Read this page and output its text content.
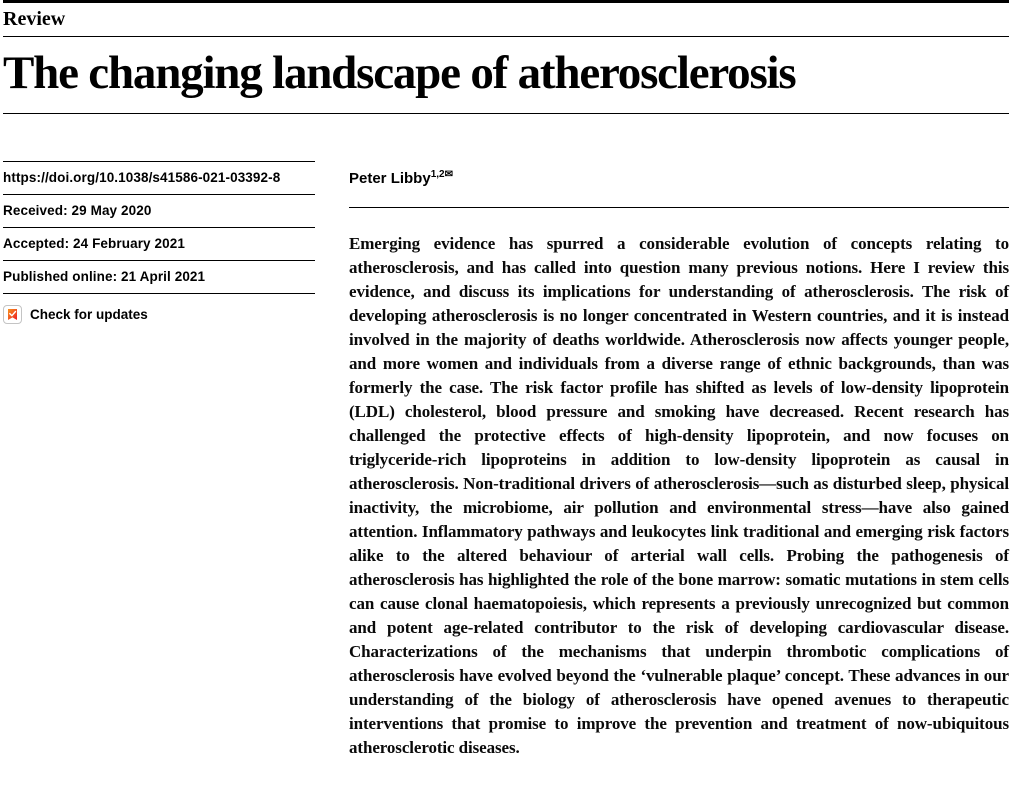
Review
The changing landscape of atherosclerosis
https://doi.org/10.1038/s41586-021-03392-8
Received: 29 May 2020
Accepted: 24 February 2021
Published online: 21 April 2021
Check for updates
Peter Libby$^{1,2✉}$

Emerging evidence has spurred a considerable evolution of concepts relating to atherosclerosis, and has called into question many previous notions. Here I review this evidence, and discuss its implications for understanding of atherosclerosis. The risk of developing atherosclerosis is no longer concentrated in Western countries, and it is instead involved in the majority of deaths worldwide. Atherosclerosis now affects younger people, and more women and individuals from a diverse range of ethnic backgrounds, than was formerly the case. The risk factor profile has shifted as levels of low-density lipoprotein (LDL) cholesterol, blood pressure and smoking have decreased. Recent research has challenged the protective effects of high-density lipoprotein, and now focuses on triglyceride-rich lipoproteins in addition to low-density lipoprotein as causal in atherosclerosis. Non-traditional drivers of atherosclerosis—such as disturbed sleep, physical inactivity, the microbiome, air pollution and environmental stress—have also gained attention. Inflammatory pathways and leukocytes link traditional and emerging risk factors alike to the altered behaviour of arterial wall cells. Probing the pathogenesis of atherosclerosis has highlighted the role of the bone marrow: somatic mutations in stem cells can cause clonal haematopoiesis, which represents a previously unrecognized but common and potent age-related contributor to the risk of developing cardiovascular disease. Characterizations of the mechanisms that underpin thrombotic complications of atherosclerosis have evolved beyond the ‘vulnerable plaque’ concept. These advances in our understanding of the biology of atherosclerosis have opened avenues to therapeutic interventions that promise to improve the prevention and treatment of now-ubiquitous atherosclerotic diseases.
